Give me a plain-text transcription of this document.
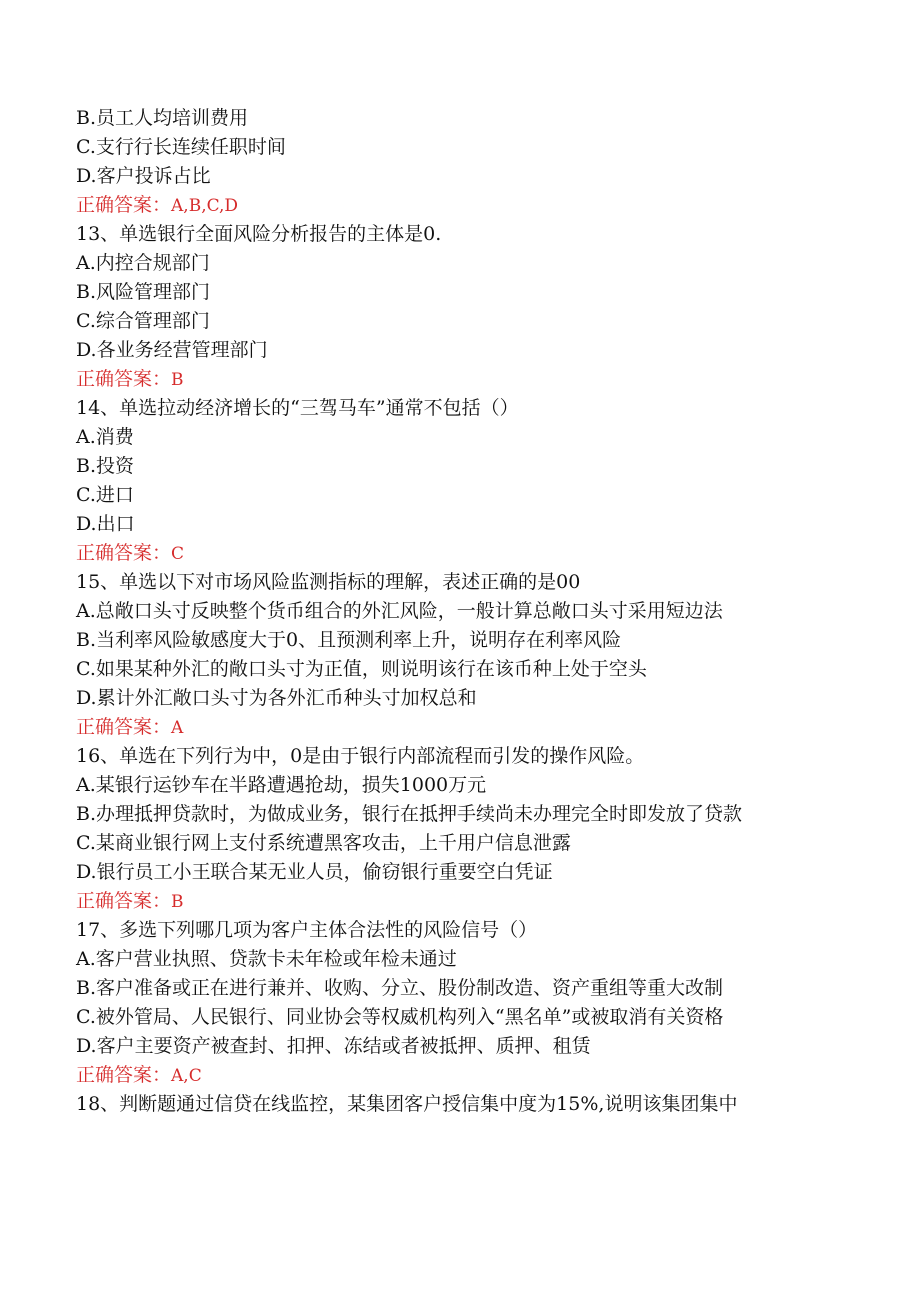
B.员工人均培训费用
C.支行行长连续任职时间
D.客户投诉占比
正确答案：A,B,C,D
13、单选银行全面风险分析报告的主体是0.
A.内控合规部门
B.风险管理部门
C.综合管理部门
D.各业务经营管理部门
正确答案：B
14、单选拉动经济增长的“三驾马车”通常不包括（）
A.消费
B.投资
C.进口
D.出口
正确答案：C
15、单选以下对市场风险监测指标的理解，表述正确的是00
A.总敞口头寸反映整个货币组合的外汇风险，一般计算总敞口头寸采用短边法
B.当利率风险敏感度大于0、且预测利率上升，说明存在利率风险
C.如果某种外汇的敞口头寸为正值，则说明该行在该币种上处于空头
D.累计外汇敞口头寸为各外汇币种头寸加权总和
正确答案：A
16、单选在下列行为中，0是由于银行内部流程而引发的操作风险。
A.某银行运钞车在半路遭遇抢劫，损失1000万元
B.办理抵押贷款时，为做成业务，银行在抵押手续尚未办理完全时即发放了贷款
C.某商业银行网上支付系统遭黑客攻击，上千用户信息泄露
D.银行员工小王联合某无业人员，偷窃银行重要空白凭证
正确答案：B
17、多选下列哪几项为客户主体合法性的风险信号（）
A.客户营业执照、贷款卡未年检或年检未通过
B.客户准备或正在进行兼并、收购、分立、股份制改造、资产重组等重大改制
C.被外管局、人民银行、同业协会等权威机构列入“黑名单”或被取消有关资格
D.客户主要资产被查封、扣押、冻结或者被抵押、质押、租赁
正确答案：A,C
18、判断题通过信贷在线监控，某集团客户授信集中度为15%,说明该集团集中
